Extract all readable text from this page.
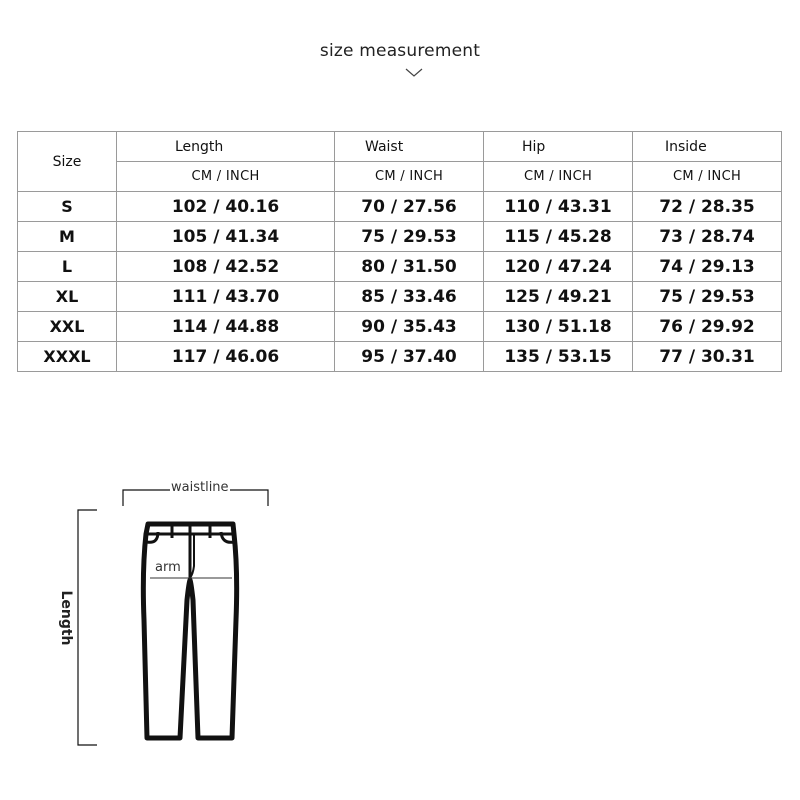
size measurement
Size	Length	Waist	Hip	Inside
	CM / INCH	CM / INCH	CM / INCH	CM / INCH
S	102 / 40.16	70 / 27.56	110 / 43.31	72 / 28.35
M	105 / 41.34	75 / 29.53	115 / 45.28	73 / 28.74
L	108 / 42.52	80 / 31.50	120 / 47.24	74 / 29.13
XL	111 / 43.70	85 / 33.46	125 / 49.21	75 / 29.53
XXL	114 / 44.88	90 / 35.43	130 / 51.18	76 / 29.92
XXXL	117 / 46.06	95 / 37.40	135 / 53.15	77 / 30.31
waistline
arm
Length
